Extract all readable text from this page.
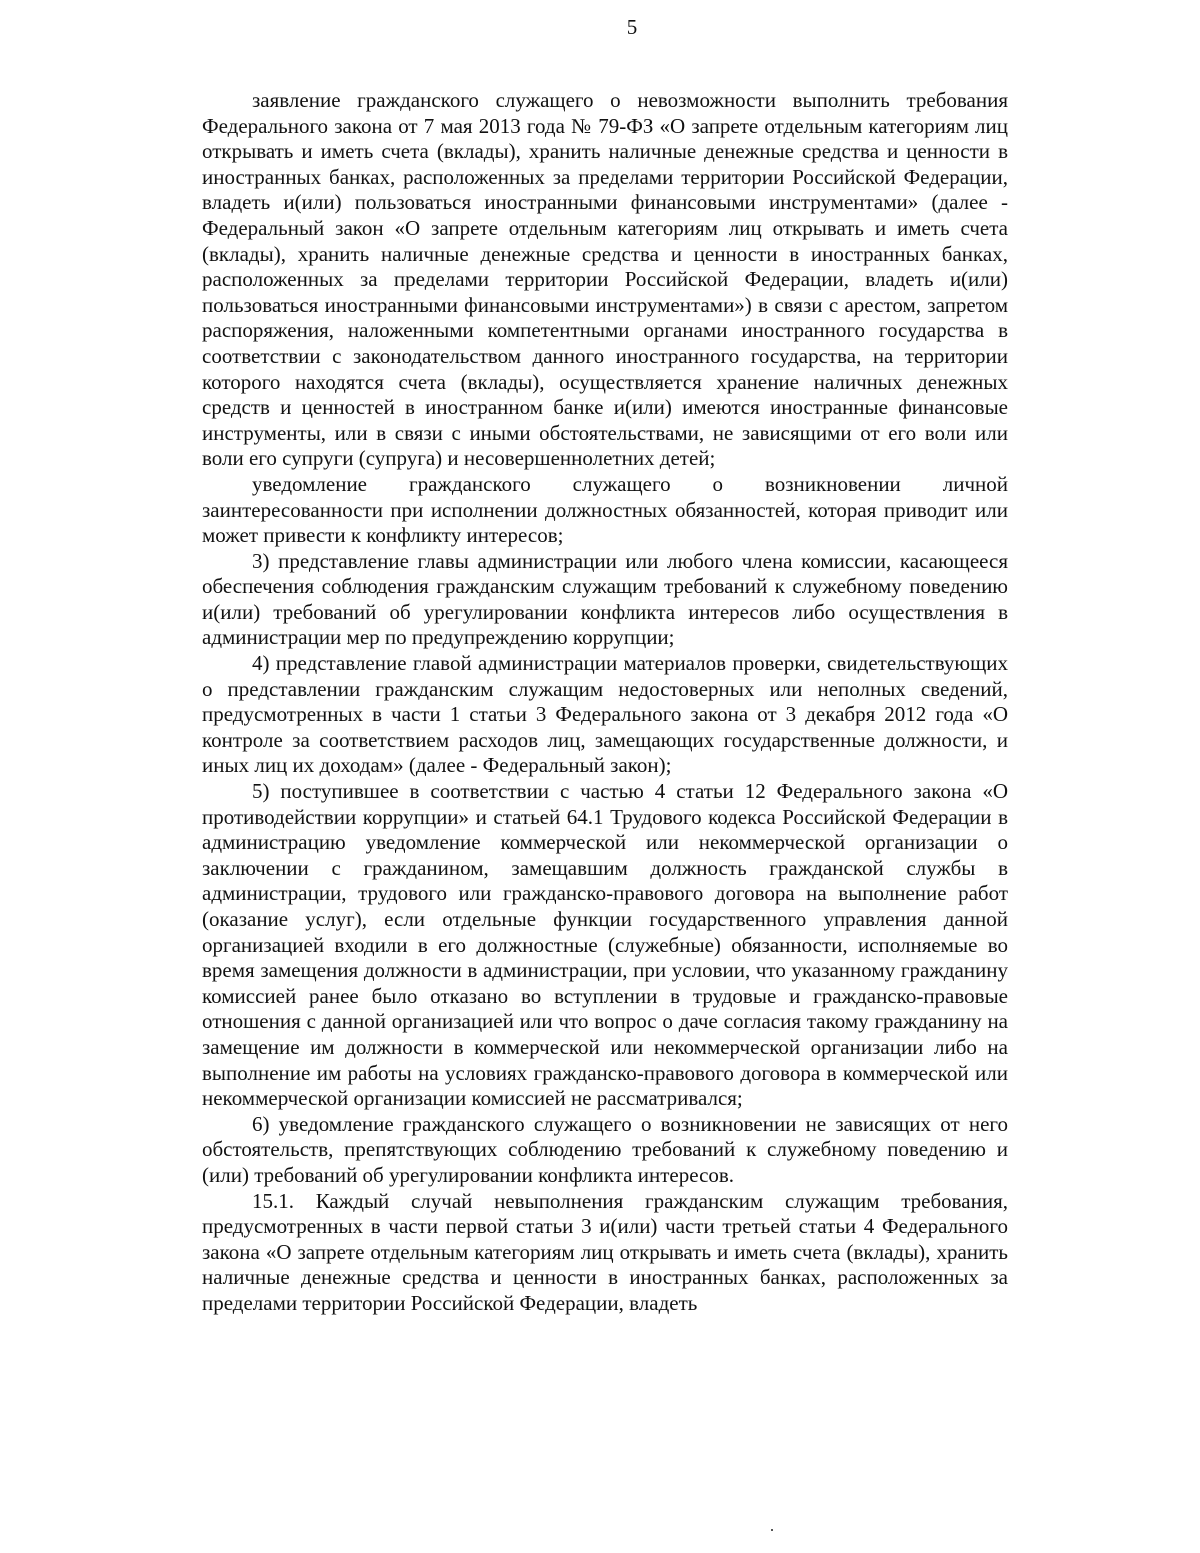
5

заявление гражданского служащего о невозможности выполнить требования Федерального закона от 7 мая 2013 года № 79-ФЗ «О запрете отдельным категориям лиц открывать и иметь счета (вклады), хранить наличные денежные средства и ценности в иностранных банках, расположенных за пределами территории Российской Федерации, владеть и(или) пользоваться иностранными финансовыми инструментами» (далее - Федеральный закон «О запрете отдельным категориям лиц открывать и иметь счета (вклады), хранить наличные денежные средства и ценности в иностранных банках, расположенных за пределами территории Российской Федерации, владеть и(или) пользоваться иностранными финансовыми инструментами») в связи с арестом, запретом распоряжения, наложенными компетентными органами иностранного государства в соответствии с законодательством данного иностранного государства, на территории которого находятся счета (вклады), осуществляется хранение наличных денежных средств и ценностей в иностранном банке и(или) имеются иностранные финансовые инструменты, или в связи с иными обстоятельствами, не зависящими от его воли или воли его супруги (супруга) и несовершеннолетних детей;

уведомление гражданского служащего о возникновении личной заинтересованности при исполнении должностных обязанностей, которая приводит или может привести к конфликту интересов;

3) представление главы администрации или любого члена комиссии, касающееся обеспечения соблюдения гражданским служащим требований к служебному поведению и(или) требований об урегулировании конфликта интересов либо осуществления в администрации мер по предупреждению коррупции;

4) представление главой администрации материалов проверки, свидетельствующих о представлении гражданским служащим недостоверных или неполных сведений, предусмотренных в части 1 статьи 3 Федерального закона от 3 декабря 2012 года «О контроле за соответствием расходов лиц, замещающих государственные должности, и иных лиц их доходам» (далее - Федеральный закон);

5) поступившее в соответствии с частью 4 статьи 12 Федерального закона «О противодействии коррупции» и статьей 64.1 Трудового кодекса Российской Федерации в администрацию уведомление коммерческой или некоммерческой организации о заключении с гражданином, замещавшим должность гражданской службы в администрации, трудового или гражданско-правового договора на выполнение работ (оказание услуг), если отдельные функции государственного управления данной организацией входили в его должностные (служебные) обязанности, исполняемые во время замещения должности в администрации, при условии, что указанному гражданину комиссией ранее было отказано во вступлении в трудовые и гражданско-правовые отношения с данной организацией или что вопрос о даче согласия такому гражданину на замещение им должности в коммерческой или некоммерческой организации либо на выполнение им работы на условиях гражданско-правового договора в коммерческой или некоммерческой организации комиссией не рассматривался;

6) уведомление гражданского служащего о возникновении не зависящих от него обстоятельств, препятствующих соблюдению требований к служебному поведению и (или) требований об урегулировании конфликта интересов.

15.1. Каждый случай невыполнения гражданским служащим требования, предусмотренных в части первой статьи 3 и(или) части третьей статьи 4 Федерального закона «О запрете отдельным категориям лиц открывать и иметь счета (вклады), хранить наличные денежные средства и ценности в иностранных банках, расположенных за пределами территории Российской Федерации, владеть
